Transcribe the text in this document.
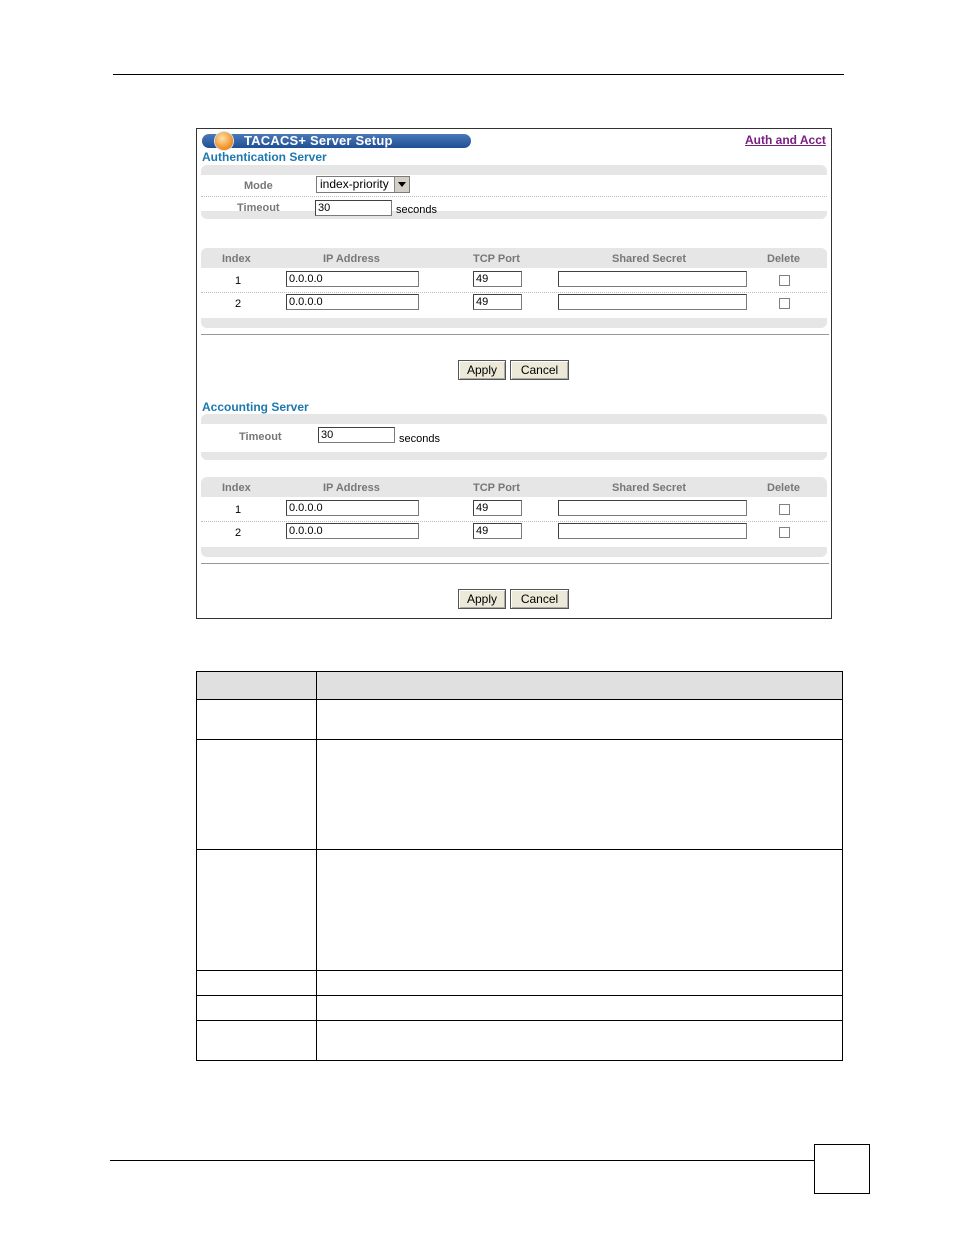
TACACS+ Server Setup	Auth and Acct
Authentication Server
Mode	index-priority
Timeout	30	seconds
Index	IP Address	TCP Port	Shared Secret	Delete
1	0.0.0.0	49
2	0.0.0.0	49
Apply	Cancel
Accounting Server
Timeout	30	seconds
Index	IP Address	TCP Port	Shared Secret	Delete
1	0.0.0.0	49
2	0.0.0.0	49
Apply	Cancel
